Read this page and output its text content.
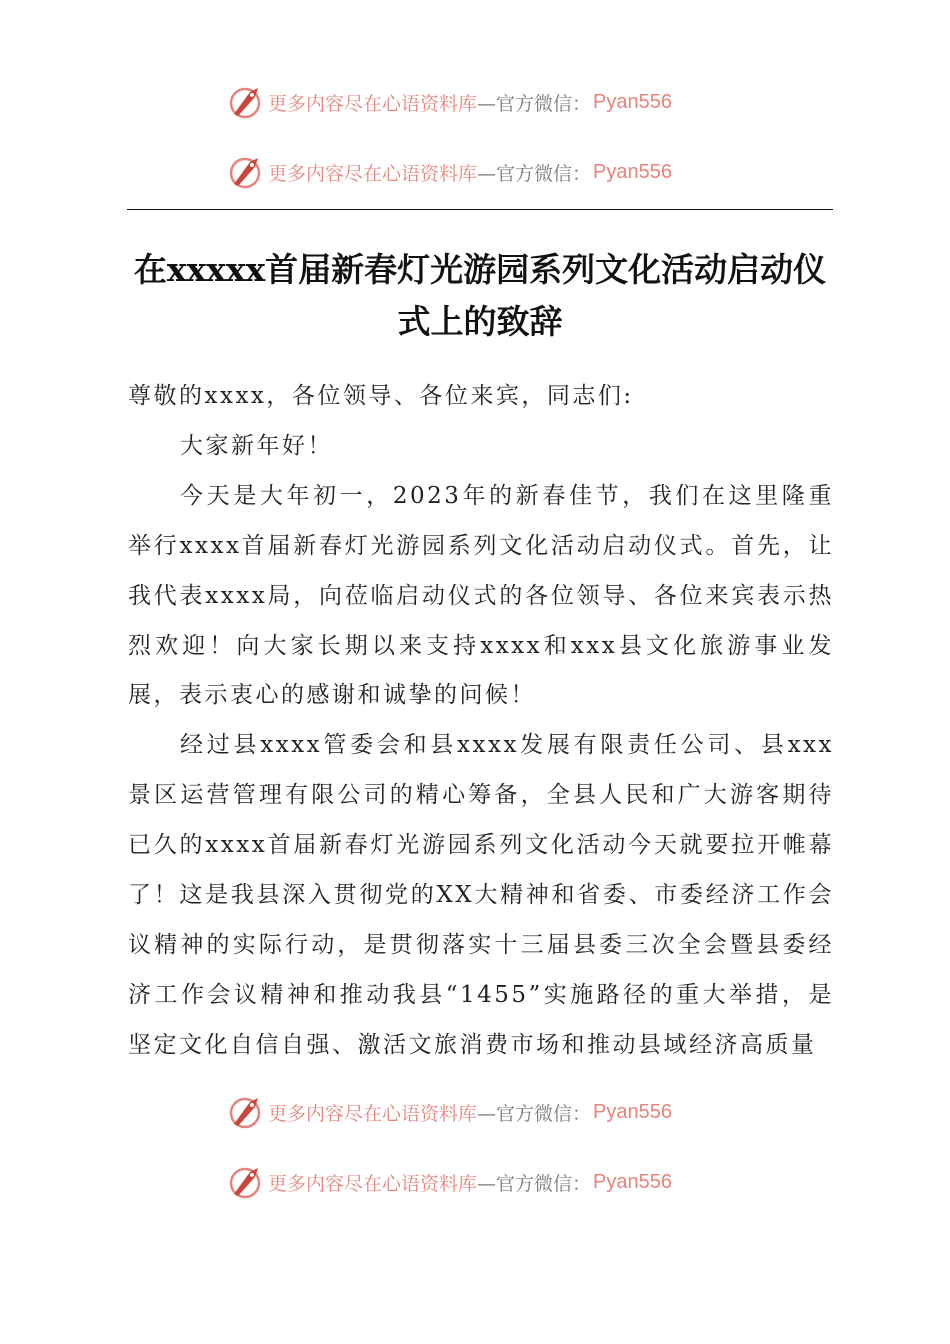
更多内容尽在心语资料库 —官方微信： Pyan556
更多内容尽在心语资料库 —官方微信： Pyan556
在xxxxx首届新春灯光游园系列文化活动启动仪式上的致辞

尊敬的xxxx，各位领导、各位来宾，同志们:

大家新年好！

今天是大年初一，2023年的新春佳节，我们在这里隆重举行xxxx首届新春灯光游园系列文化活动启动仪式。首先，让我代表xxxx局，向莅临启动仪式的各位领导、各位来宾表示热烈欢迎！向大家长期以来支持xxxx和xxx县文化旅游事业发展，表示衷心的感谢和诚挚的问候！

经过县xxxx管委会和县xxxx发展有限责任公司、县xxx景区运营管理有限公司的精心筹备，全县人民和广大游客期待已久的xxxx首届新春灯光游园系列文化活动今天就要拉开帷幕了！这是我县深入贯彻党的XX大精神和省委、市委经济工作会议精神的实际行动，是贯彻落实十三届县委三次全会暨县委经济工作会议精神和推动我县“1455”实施路径的重大举措，是坚定文化自信自强、激活文旅消费市场和推动县域经济高质量

更多内容尽在心语资料库 —官方微信： Pyan556
更多内容尽在心语资料库 —官方微信： Pyan556
